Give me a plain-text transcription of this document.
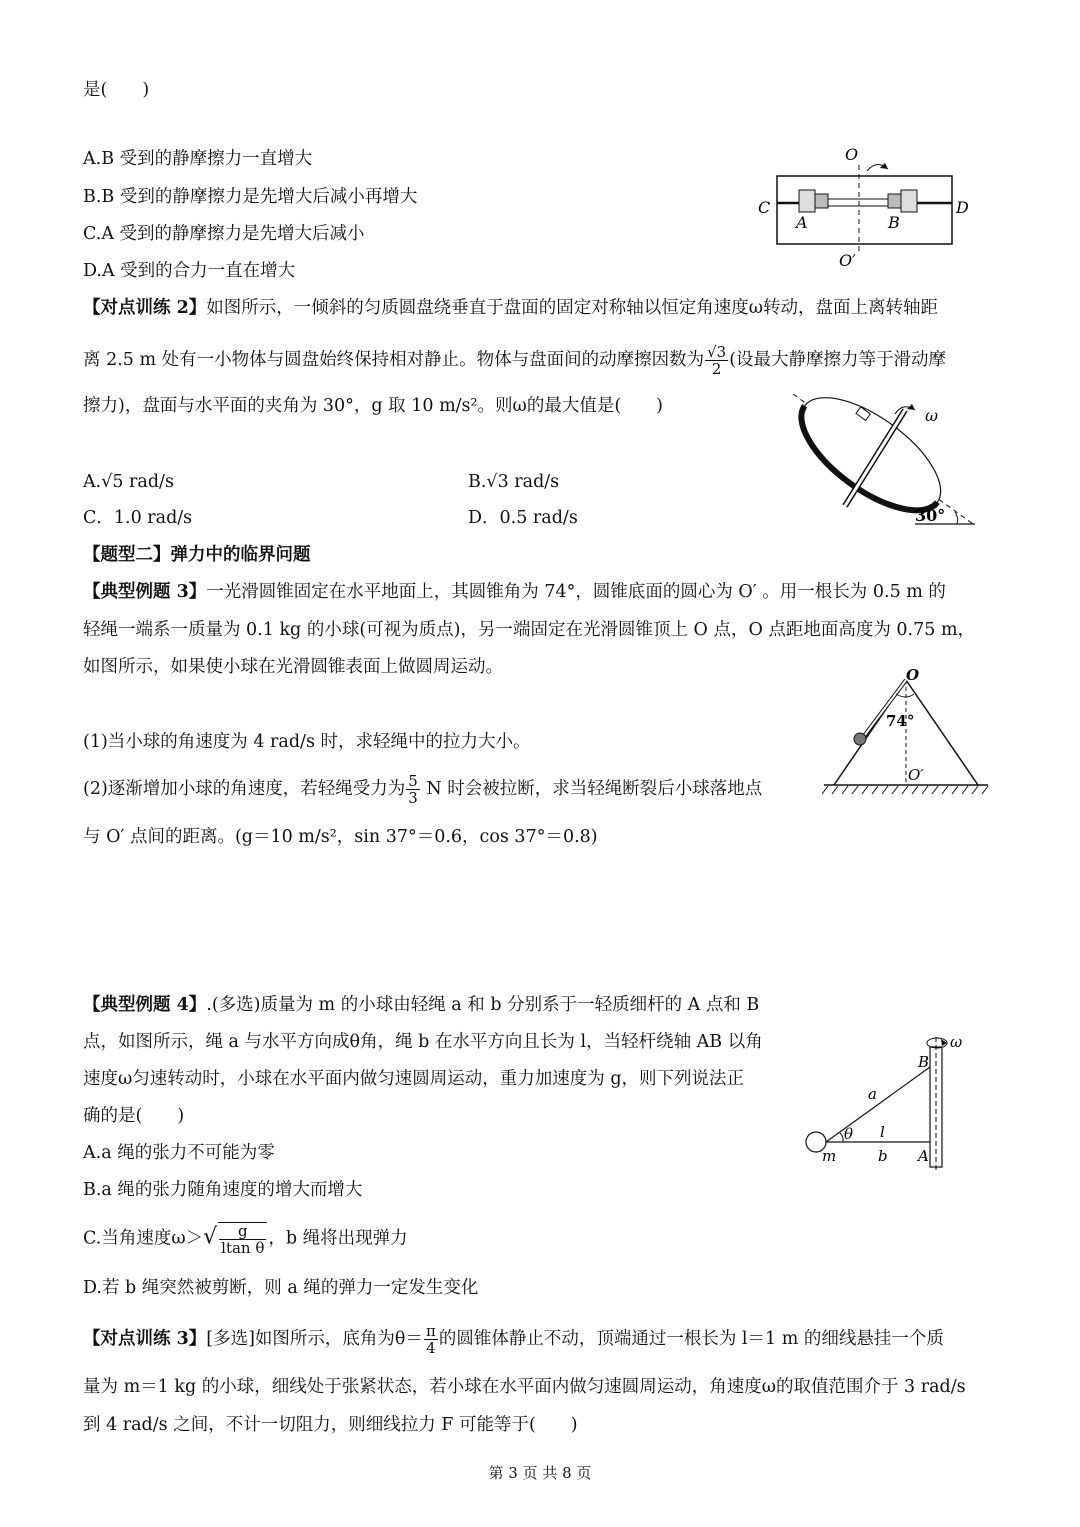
是(　　)
A.B 受到的静摩擦力一直增大
B.B 受到的静摩擦力是先增大后减小再增大
C.A 受到的静摩擦力是先增大后减小
D.A 受到的合力一直在增大
O
O′
C	D
A	B
【对点训练 2】如图所示，一倾斜的匀质圆盘绕垂直于盘面的固定对称轴以恒定角速度ω转动，盘面上离转轴距
离 2.5 m 处有一小物体与圆盘始终保持相对静止。物体与盘面间的动摩擦因数为 $\frac{√3}{2}$ (设最大静摩擦力等于滑动摩
擦力)，盘面与水平面的夹角为 30°，g 取 10 m/s²。则ω的最大值是(　　)	ω
30°
A.√5 rad/s	B.√3 rad/s
C．1.0 rad/s	D．0.5 rad/s
【题型二】弹力中的临界问题
【典型例题 3】一光滑圆锥固定在水平地面上，其圆锥角为 74°，圆锥底面的圆心为 O′ 。用一根长为 0.5 m 的
轻绳一端系一质量为 0.1 kg 的小球(可视为质点)，另一端固定在光滑圆锥顶上 O 点，O 点距地面高度为 0.75 m，
如图所示，如果使小球在光滑圆锥表面上做圆周运动。
(1)当小球的角速度为 4 rad/s 时，求轻绳中的拉力大小。
(2)逐渐增加小球的角速度，若轻绳受力为 $\frac{5}{3}$ N 时会被拉断，求当轻绳断裂后小球落地点
与 O′ 点间的距离。(g＝10 m/s²，sin 37°＝0.6，cos 37°＝0.8)
O
74°
O′
【典型例题 4】.(多选)质量为 m 的小球由轻绳 a 和 b 分别系于一轻质细杆的 A 点和 B
点，如图所示，绳 a 与水平方向成θ角，绳 b 在水平方向且长为 l，当轻杆绕轴 AB 以角
速度ω匀速转动时，小球在水平面内做匀速圆周运动，重力加速度为 g，则下列说法正
确的是(　　)
A.a 绳的张力不可能为零
B.a 绳的张力随角速度的增大而增大
C.当角速度$\omega>√ \frac{g}{\text{ltan θ}}$ ，b 绳将出现弹力
D.若 b 绳突然被剪断，则 a 绳的弹力一定发生变化
ω
B
a
θ l
m	b A
【对点训练 3】[多选]如图所示，底角为$\theta= \frac{\pi}{4}$ 的圆锥体静止不动，顶端通过一根长为 l＝1 m 的细线悬挂一个质
量为 m＝1 kg 的小球，细线处于张紧状态，若小球在水平面内做匀速圆周运动，角速度ω的取值范围介于 3 rad/s
到 4 rad/s 之间，不计一切阻力，则细线拉力 F 可能等于(　　)
第 3 页 共 8 页
